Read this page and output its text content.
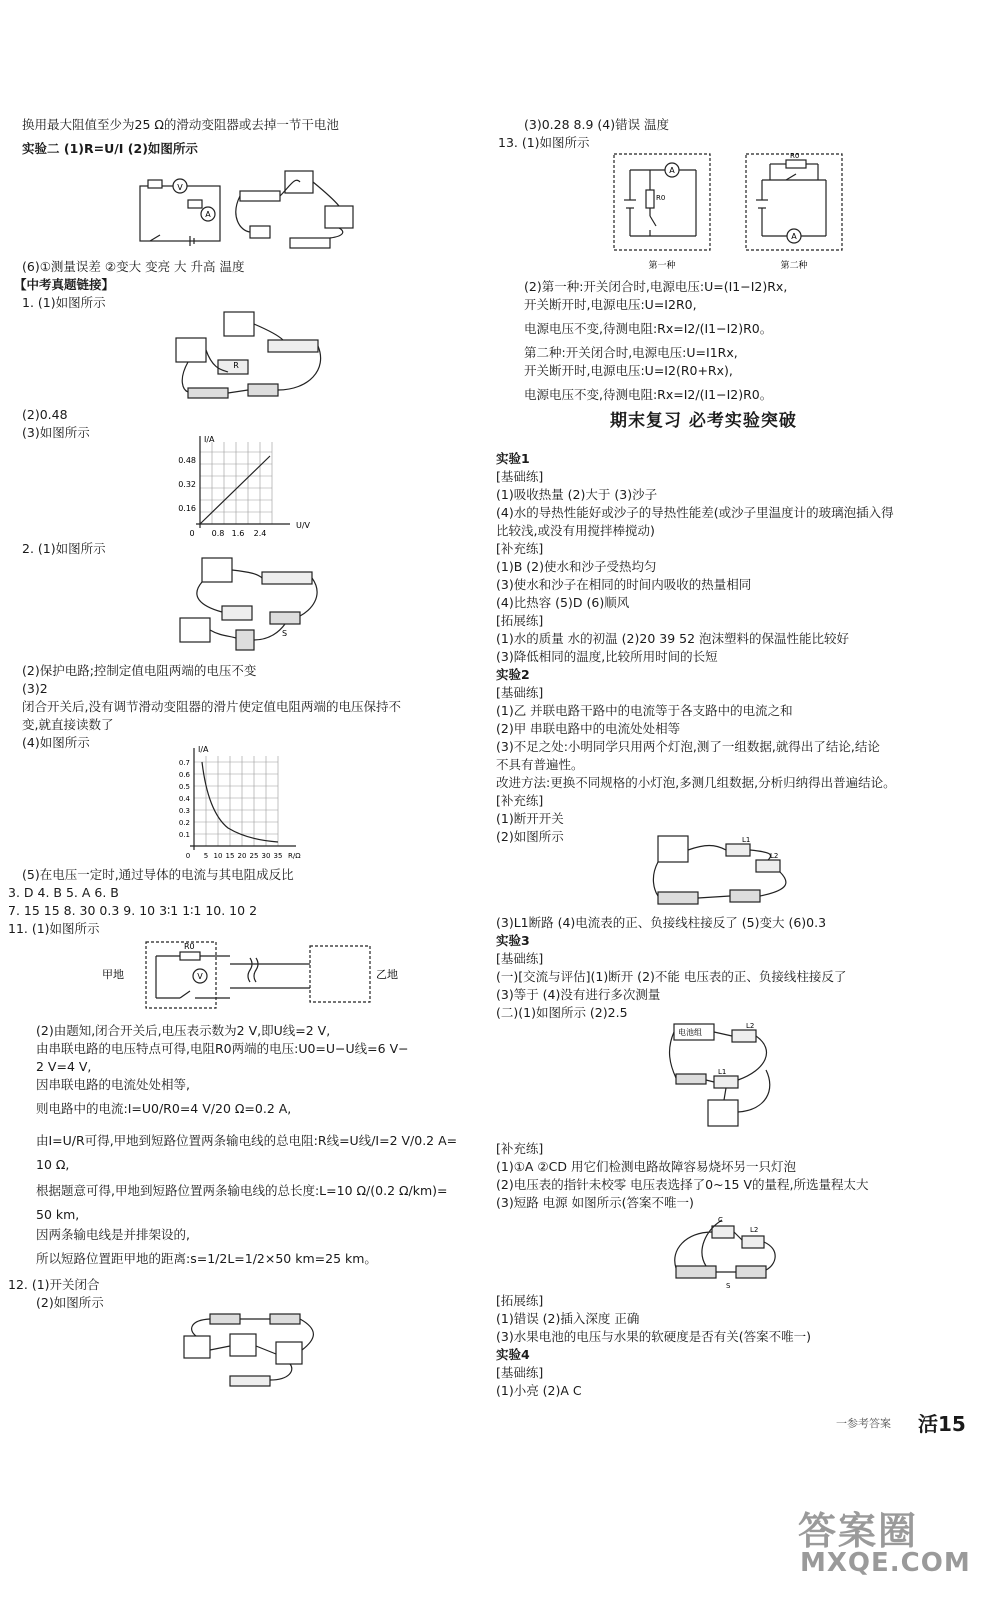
换用最大阻值至少为25 Ω的滑动变阻器或去掉一节干电池
实验二 (1)R=U/I (2)如图所示
V
A
(6)①测量误差 ②变大 变亮 大 升高 温度
【中考真题链接】
1. (1)如图所示
R
(2)0.48
(3)如图所示	I/A
U/V
0.48
0.32
0.16
0 0.8 1.6 2.4
2. (1)如图所示
S
(2)保护电路;控制定值电阻两端的电压不变
(3)2
闭合开关后,没有调节滑动变阻器的滑片使定值电阻两端的电压保持不
变,就直接读数了
(4)如图所示	I/A
0.7
0.6
0.5
0.4
0.3
0.2
0.1
0 5 10 15 20 25 30 35 R/Ω
(5)在电压一定时,通过导体的电流与其电阻成反比
3. D 4. B 5. A 6. B
7. 15 15 8. 30 0.3 9. 10 3∶1 1∶1 10. 10 2
11. (1)如图所示
V
R0
甲地	乙地
(2)由题知,闭合开关后,电压表示数为2 V,即U线=2 V,
由串联电路的电压特点可得,电阻R0两端的电压:U0=U−U线=6 V−
2 V=4 V,
因串联电路的电流处处相等,
则电路中的电流:I=U0/R0=4 V/20 Ω=0.2 A,
由I=U/R可得,甲地到短路位置两条输电线的总电阻:R线=U线/I=2 V/0.2 A=
10 Ω,
根据题意可得,甲地到短路位置两条输电线的总长度:L=10 Ω/(0.2 Ω/km)=
50 km,
因两条输电线是并排架设的,
所以短路位置距甲地的距离:s=1/2L=1/2×50 km=25 km。
12. (1)开关闭合
(2)如图所示
(3)0.28 8.9 (4)错误 温度
13. (1)如图所示
A
A
R0
R0
第一种	第二种
(2)第一种:开关闭合时,电源电压:U=(I1−I2)Rx,
开关断开时,电源电压:U=I2R0,
电源电压不变,待测电阻:Rx=I2/(I1−I2)R0。
第二种:开关闭合时,电源电压:U=I1Rx,
开关断开时,电源电压:U=I2(R0+Rx),
电源电压不变,待测电阻:Rx=I2/(I1−I2)R0。
期末复习 必考实验突破
实验1
[基础练]
(1)吸收热量 (2)大于 (3)沙子
(4)水的导热性能好或沙子的导热性能差(或沙子里温度计的玻璃泡插入得
比较浅,或没有用搅拌棒搅动)
[补充练]
(1)B (2)使水和沙子受热均匀
(3)使水和沙子在相同的时间内吸收的热量相同
(4)比热容 (5)D (6)顺风
[拓展练]
(1)水的质量 水的初温 (2)20 39 52 泡沫塑料的保温性能比较好
(3)降低相同的温度,比较所用时间的长短
实验2
[基础练]
(1)乙 并联电路干路中的电流等于各支路中的电流之和
(2)甲 串联电路中的电流处处相等
(3)不足之处:小明同学只用两个灯泡,测了一组数据,就得出了结论,结论
不具有普遍性。
改进方法:更换不同规格的小灯泡,多测几组数据,分析归纳得出普遍结论。
[补充练]
(1)断开开关
(2)如图所示	L1
L2
(3)L1断路 (4)电流表的正、负接线柱接反了 (5)变大 (6)0.3
实验3
[基础练]
(一)[交流与评估](1)断开 (2)不能 电压表的正、负接线柱接反了
(3)等于 (4)没有进行多次测量
(二)(1)如图所示 (2)2.5
电池组
L2
L1
[补充练]
(1)①A ②CD 用它们检测电路故障容易烧坏另一只灯泡
(2)电压表的指针未校零 电压表选择了0~15 V的量程,所选量程太大
(3)短路 电源 如图所示(答案不唯一)
C
L2
S
[拓展练]
(1)错误 (2)插入深度 正确
(3)水果电池的电压与水果的软硬度是否有关(答案不唯一)
实验4
[基础练]
(1)小亮 (2)A C
一参考答案 活15
答案圈
MXQE.COM
